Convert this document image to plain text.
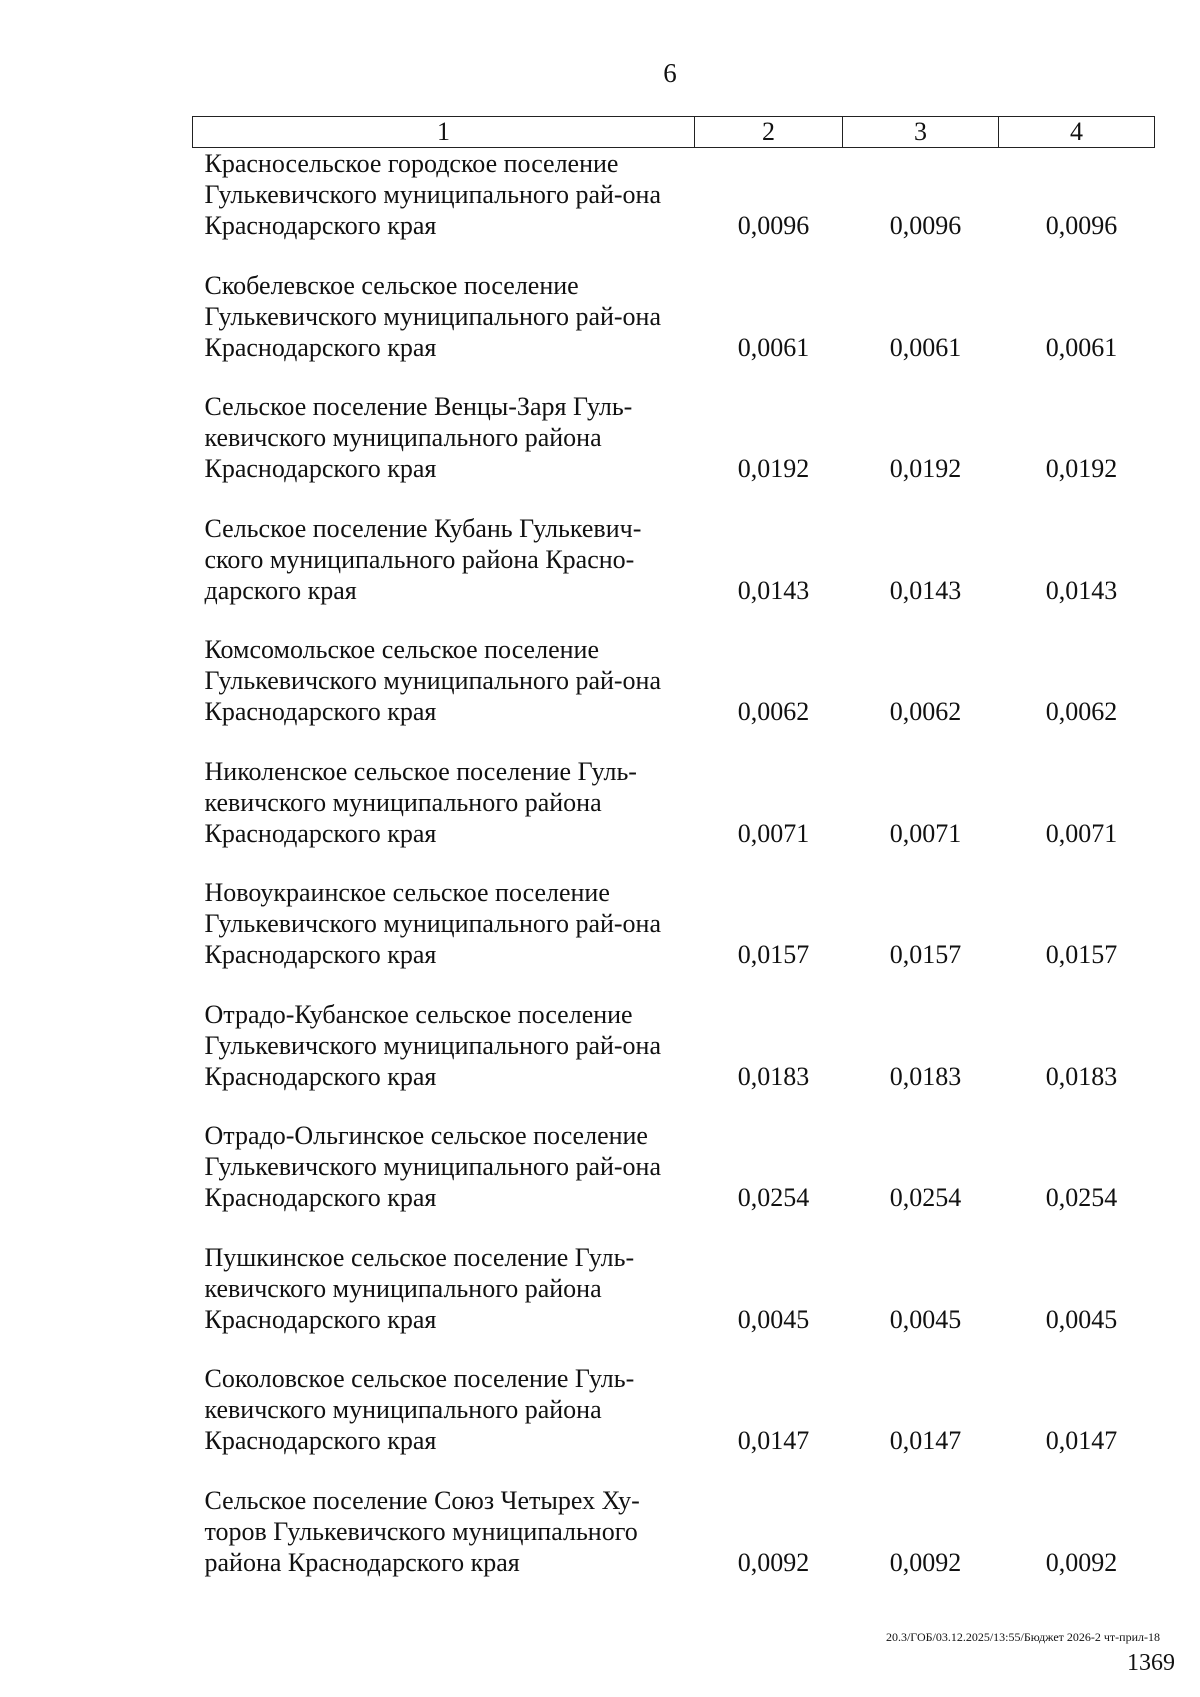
6
1	2	3	4
Красносельское городское поселение Гулькевичского муниципального рай-она Краснодарского края	0,0096	0,0096	0,0096
Скобелевское сельское поселение Гулькевичского муниципального рай-она Краснодарского края	0,0061	0,0061	0,0061
Сельское поселение Венцы-Заря Гуль-кевичского муниципального района Краснодарского края	0,0192	0,0192	0,0192
Сельское поселение Кубань Гулькевич-ского муниципального района Красно-дарского края	0,0143	0,0143	0,0143
Комсомольское сельское поселение Гулькевичского муниципального рай-она Краснодарского края	0,0062	0,0062	0,0062
Николенское сельское поселение Гуль-кевичского муниципального района Краснодарского края	0,0071	0,0071	0,0071
Новоукраинское сельское поселение Гулькевичского муниципального рай-она Краснодарского края	0,0157	0,0157	0,0157
Отрадо-Кубанское сельское поселение Гулькевичского муниципального рай-она Краснодарского края	0,0183	0,0183	0,0183
Отрадо-Ольгинское сельское поселение Гулькевичского муниципального рай-она Краснодарского края	0,0254	0,0254	0,0254
Пушкинское сельское поселение Гуль-кевичского муниципального района Краснодарского края	0,0045	0,0045	0,0045
Соколовское сельское поселение Гуль-кевичского муниципального района Краснодарского края	0,0147	0,0147	0,0147
Сельское поселение Союз Четырех Ху-торов Гулькевичского муниципального района Краснодарского края	0,0092	0,0092	0,0092
20.3/ГОБ/03.12.2025/13:55/Бюджет 2026-2 чт-прил-18
1369
